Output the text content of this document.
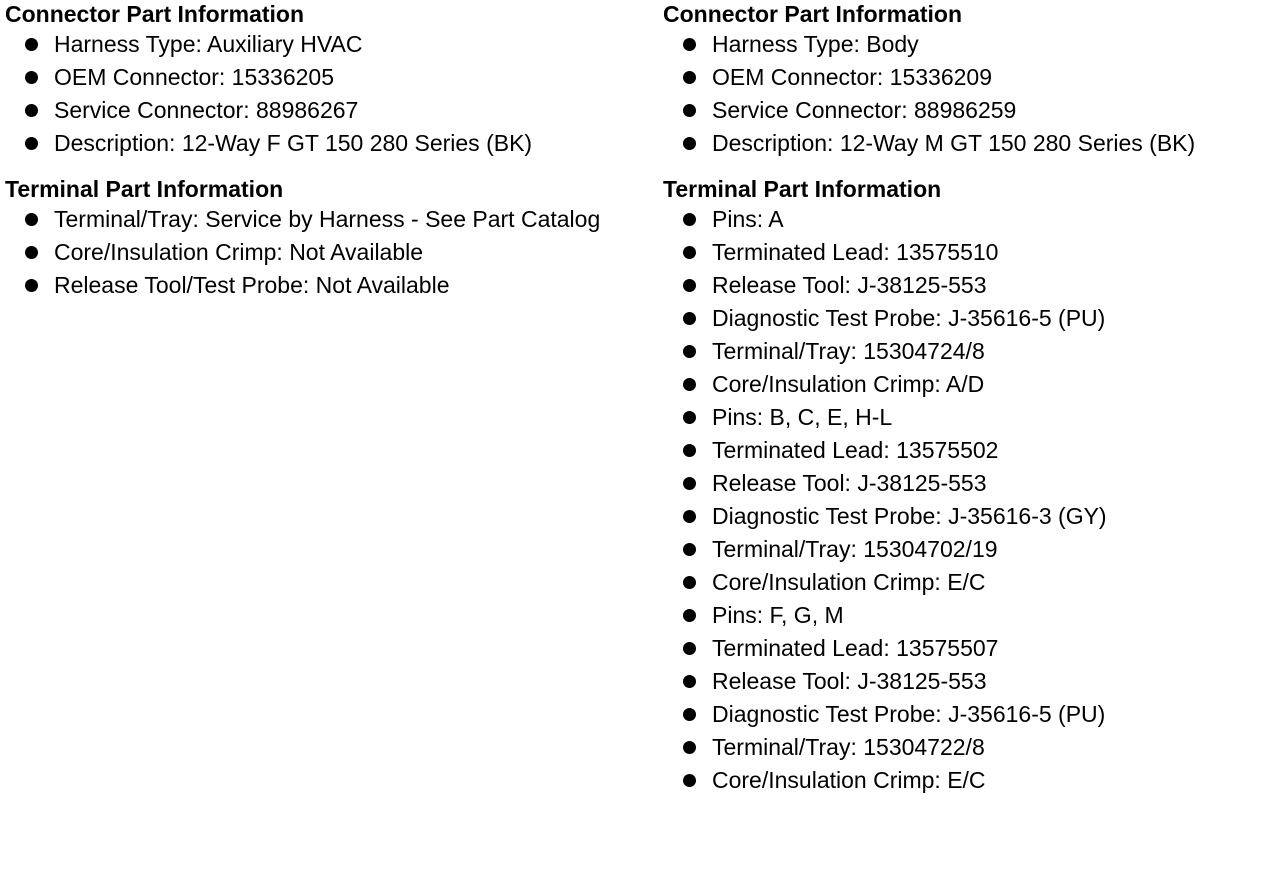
Connector Part Information
Harness Type: Auxiliary HVAC
OEM Connector: 15336205
Service Connector: 88986267
Description: 12-Way F GT 150 280 Series (BK)
Terminal Part Information
Terminal/Tray: Service by Harness - See Part Catalog
Core/Insulation Crimp: Not Available
Release Tool/Test Probe: Not Available
Connector Part Information
Harness Type: Body
OEM Connector: 15336209
Service Connector: 88986259
Description: 12-Way M GT 150 280 Series (BK)
Terminal Part Information
Pins: A
Terminated Lead: 13575510
Release Tool: J-38125-553
Diagnostic Test Probe: J-35616-5 (PU)
Terminal/Tray: 15304724/8
Core/Insulation Crimp: A/D
Pins: B, C, E, H-L
Terminated Lead: 13575502
Release Tool: J-38125-553
Diagnostic Test Probe: J-35616-3 (GY)
Terminal/Tray: 15304702/19
Core/Insulation Crimp: E/C
Pins: F, G, M
Terminated Lead: 13575507
Release Tool: J-38125-553
Diagnostic Test Probe: J-35616-5 (PU)
Terminal/Tray: 15304722/8
Core/Insulation Crimp: E/C
